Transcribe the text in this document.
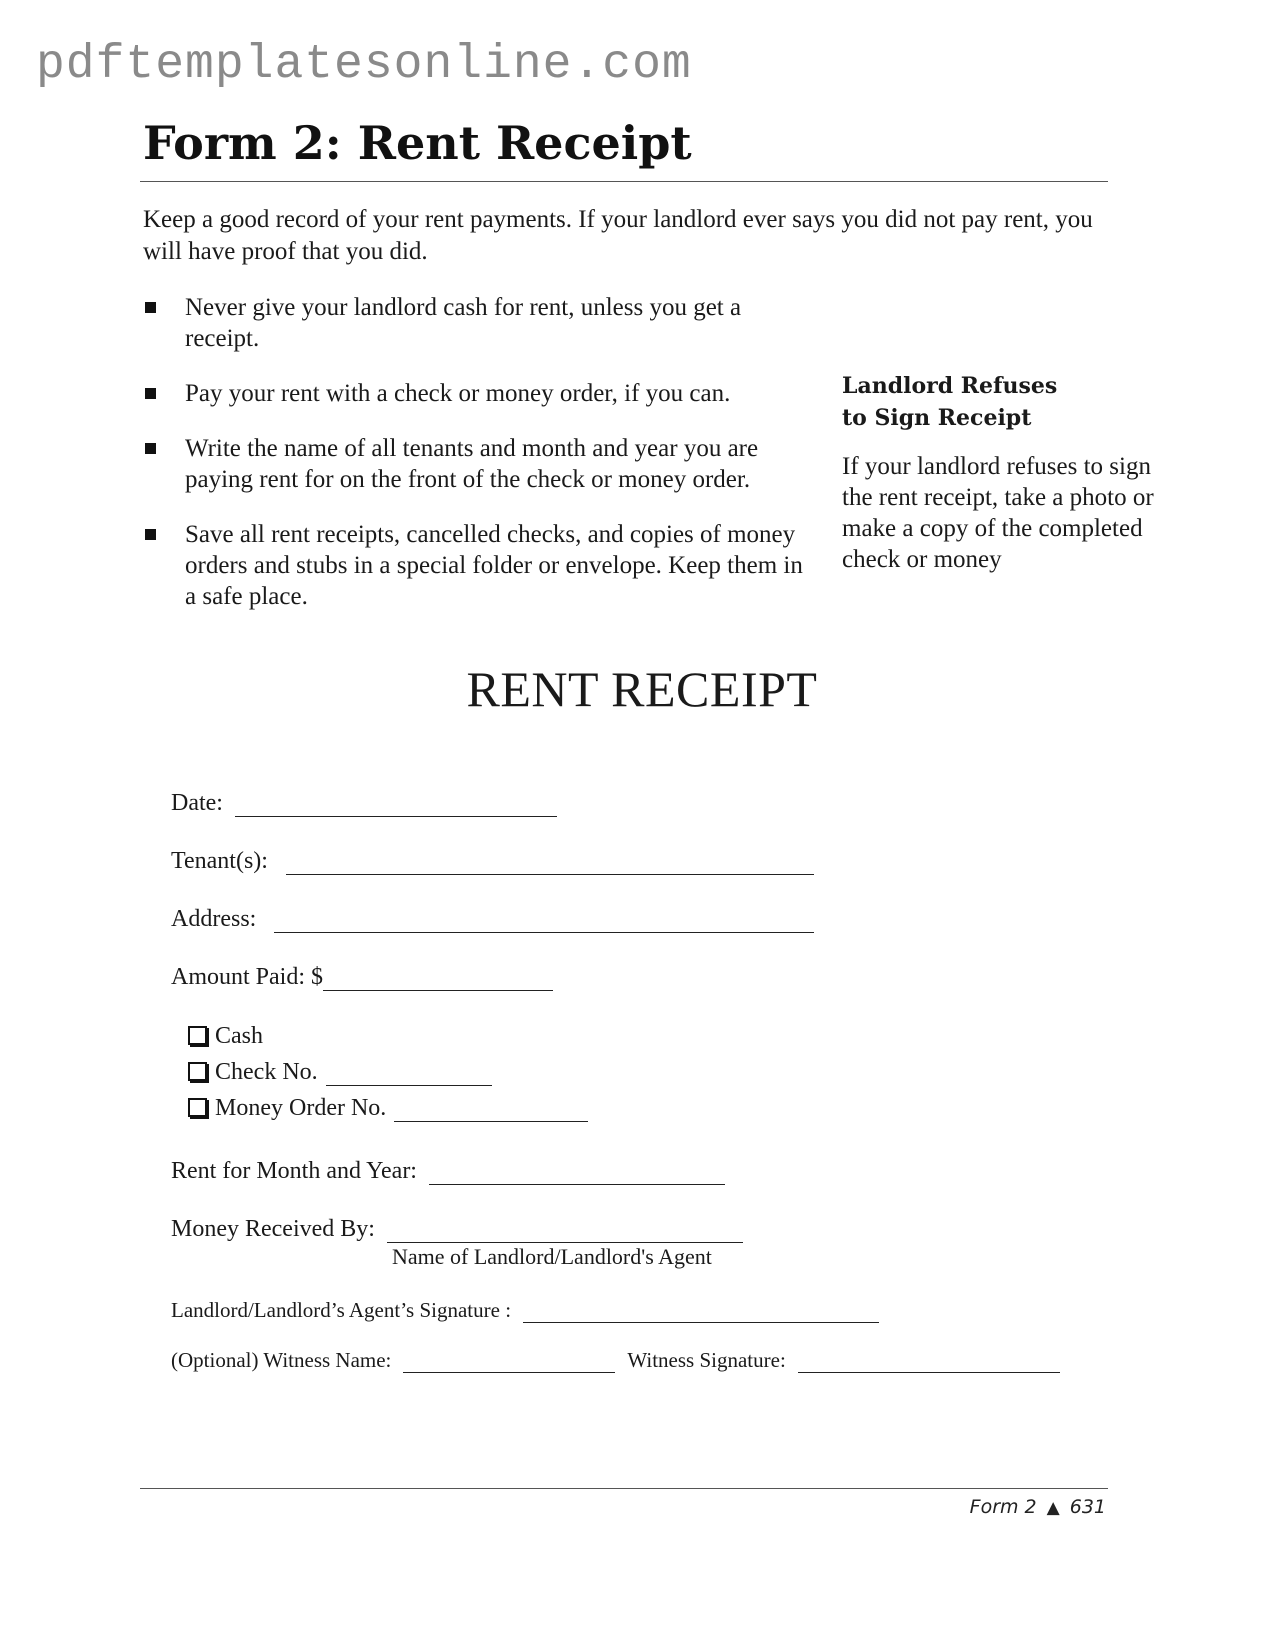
pdftemplatesonline.com
Form 2: Rent Receipt
Keep a good record of your rent payments. If your landlord ever says you did not pay rent, you will have proof that you did.
Never give your landlord cash for rent, unless you get a receipt.
Pay your rent with a check or money order, if you can.
Write the name of all tenants and month and year you are paying rent for on the front of the check or money order.
Save all rent receipts, cancelled checks, and copies of money orders and stubs in a special folder or envelope. Keep them in a safe place.
Landlord Refuses
to Sign Receipt
If your landlord refuses to sign the rent receipt, take a photo or make a copy of the completed check or money
RENT RECEIPT
Date:
Tenant(s):
Address:
Amount Paid: $
Cash
Check No.
Money Order No.
Rent for Month and Year:
Money Received By:
Name of Landlord/Landlord's Agent
Landlord/Landlord’s Agent’s Signature :
(Optional) Witness Name:	Witness Signature:
Form 2 ▲ 631
